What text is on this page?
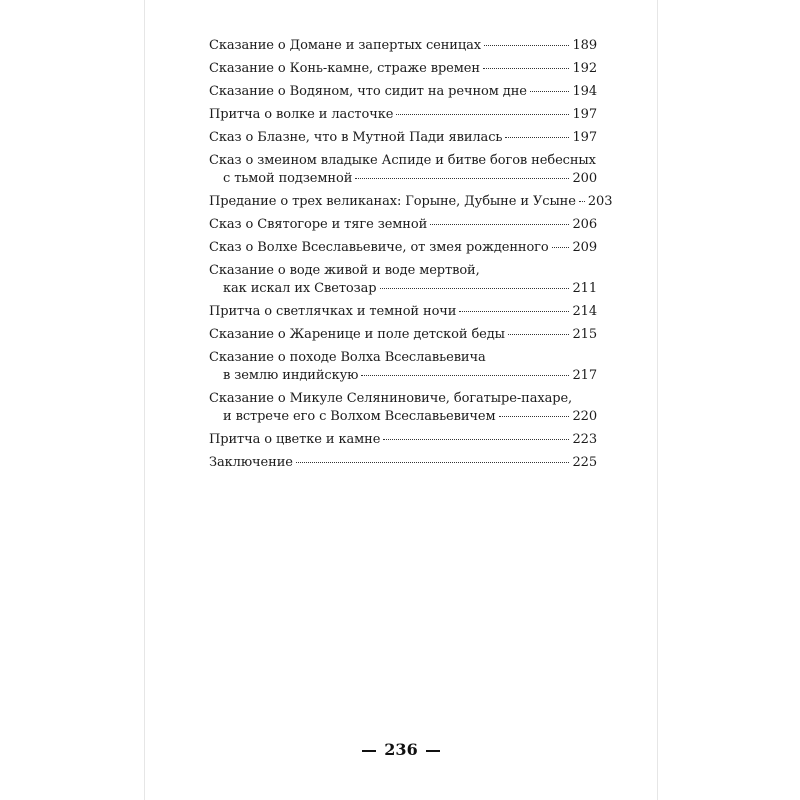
Сказание о Домане и запертых сеницах	189
Сказание о Конь-камне, страже времен	192
Сказание о Водяном, что сидит на речном дне	194
Притча о волке и ласточке	197
Сказ о Блазне, что в Мутной Пади явилась	197
Сказ о змеином владыке Аспиде и битве богов небесных
с тьмой подземной	200
Предание о трех великанах: Горыне, Дубыне и Усыне 203
Сказ о Святогоре и тяге земной	206
Сказ о Волхе Всеславьевиче, от змея рожденного 209
Сказание о воде живой и воде мертвой,
как искал их Светозар	211
Притча о светлячках и темной ночи	214
Сказание о Жаренице и поле детской беды	215
Сказание о походе Волха Всеславьевича
в землю индийскую	217
Сказание о Микуле Селяниновиче, богатыре-пахаре,
и встрече его с Волхом Всеславьевичем	220
Притча о цветке и камне	223
Заключение	225
236
